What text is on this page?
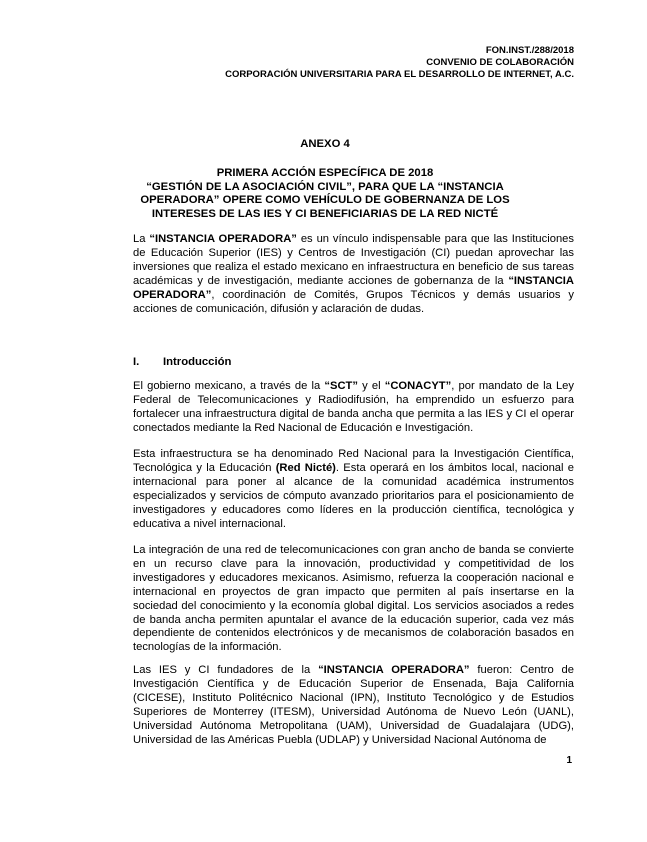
FON.INST./288/2018
CONVENIO DE COLABORACIÓN
CORPORACIÓN UNIVERSITARIA PARA EL DESARROLLO DE INTERNET, A.C.
ANEXO 4
PRIMERA ACCIÓN ESPECÍFICA DE 2018
“GESTIÓN DE LA ASOCIACIÓN CIVIL”, PARA QUE LA “INSTANCIA
OPERADORA” OPERE COMO VEHÍCULO DE GOBERNANZA DE LOS
INTERESES DE LAS IES Y CI BENEFICIARIAS DE LA RED NICTÉ

La “INSTANCIA OPERADORA” es un vínculo indispensable para que las Instituciones de Educación Superior (IES) y Centros de Investigación (CI) puedan aprovechar las inversiones que realiza el estado mexicano en infraestructura en beneficio de sus tareas académicas y de investigación, mediante acciones de gobernanza de la “INSTANCIA OPERADORA”, coordinación de Comités, Grupos Técnicos y demás usuarios y acciones de comunicación, difusión y aclaración de dudas.

I. Introducción

El gobierno mexicano, a través de la “SCT” y el “CONACYT”, por mandato de la Ley Federal de Telecomunicaciones y Radiodifusión, ha emprendido un esfuerzo para fortalecer una infraestructura digital de banda ancha que permita a las IES y CI el operar conectados mediante la Red Nacional de Educación e Investigación.

Esta infraestructura se ha denominado Red Nacional para la Investigación Científica, Tecnológica y la Educación (Red Nicté). Esta operará en los ámbitos local, nacional e internacional para poner al alcance de la comunidad académica instrumentos especializados y servicios de cómputo avanzado prioritarios para el posicionamiento de investigadores y educadores como líderes en la producción científica, tecnológica y educativa a nivel internacional.

La integración de una red de telecomunicaciones con gran ancho de banda se convierte en un recurso clave para la innovación, productividad y competitividad de los investigadores y educadores mexicanos. Asimismo, refuerza la cooperación nacional e internacional en proyectos de gran impacto que permiten al país insertarse en la sociedad del conocimiento y la economía global digital. Los servicios asociados a redes de banda ancha permiten apuntalar el avance de la educación superior, cada vez más dependiente de contenidos electrónicos y de mecanismos de colaboración basados en tecnologías de la información.

Las IES y CI fundadores de la “INSTANCIA OPERADORA” fueron: Centro de Investigación Científica y de Educación Superior de Ensenada, Baja California (CICESE), Instituto Politécnico Nacional (IPN), Instituto Tecnológico y de Estudios Superiores de Monterrey (ITESM), Universidad Autónoma de Nuevo León (UANL), Universidad Autónoma Metropolitana (UAM), Universidad de Guadalajara (UDG), Universidad de las Américas Puebla (UDLAP) y Universidad Nacional Autónoma de

1
